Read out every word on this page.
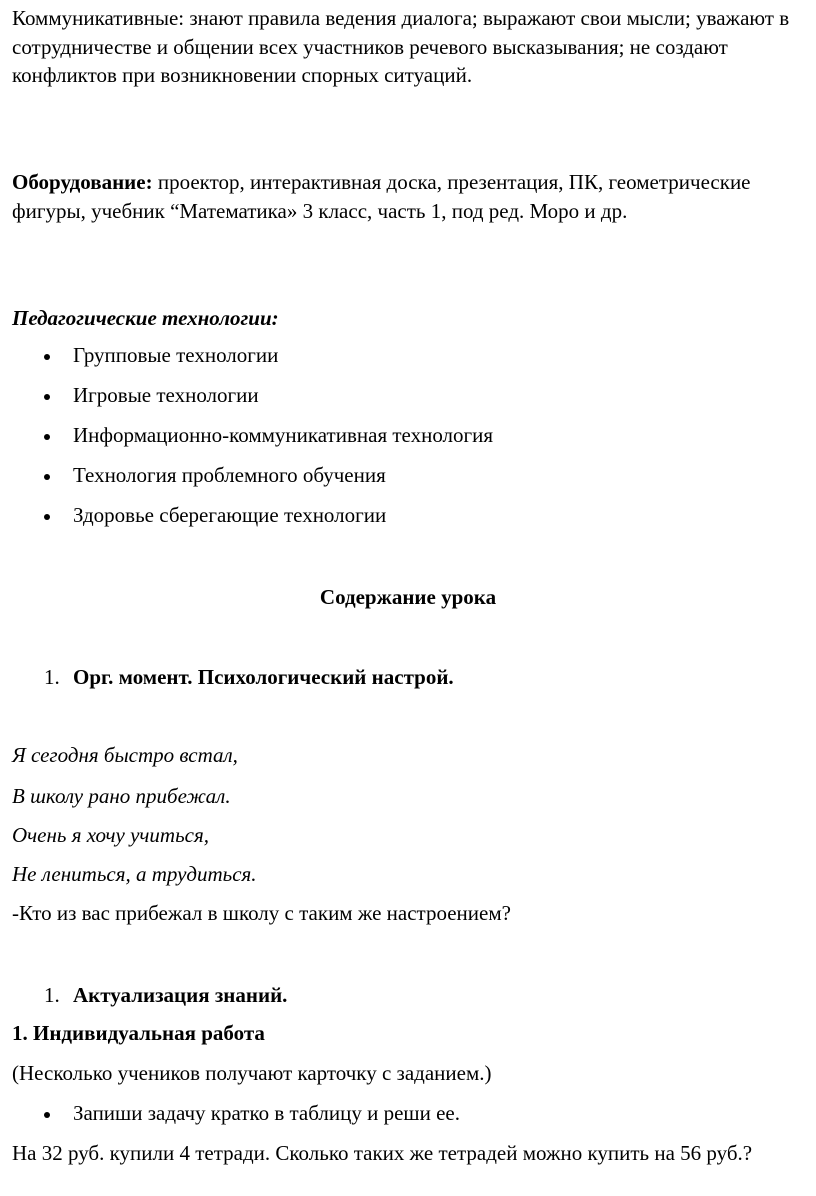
Коммуникативные: знают правила ведения диалога; выражают свои мысли; уважают в сотрудничестве и общении всех участников речевого высказывания; не создают конфликтов при возникновении спорных ситуаций.
Оборудование: проектор, интерактивная доска, презентация, ПК, геометрические фигуры, учебник “Математика» 3 класс, часть 1, под ред. Моро и др.
Педагогические технологии:
Групповые технологии
Игровые технологии
Информационно-коммуникативная технология
Технология проблемного обучения
Здоровье сберегающие технологии
Содержание урока
1. Орг. момент. Психологический настрой.
Я сегодня быстро встал,
В школу рано прибежал.
Очень я хочу учиться,
Не лениться, а трудиться.
-Кто из вас прибежал в школу с таким же настроением?
1. Актуализация знаний.
1. Индивидуальная работа
(Несколько учеников получают карточку с заданием.)
Запиши задачу кратко в таблицу и реши ее.
На 32 руб. купили 4 тетради. Сколько таких же тетрадей можно купить на 56 руб.?
